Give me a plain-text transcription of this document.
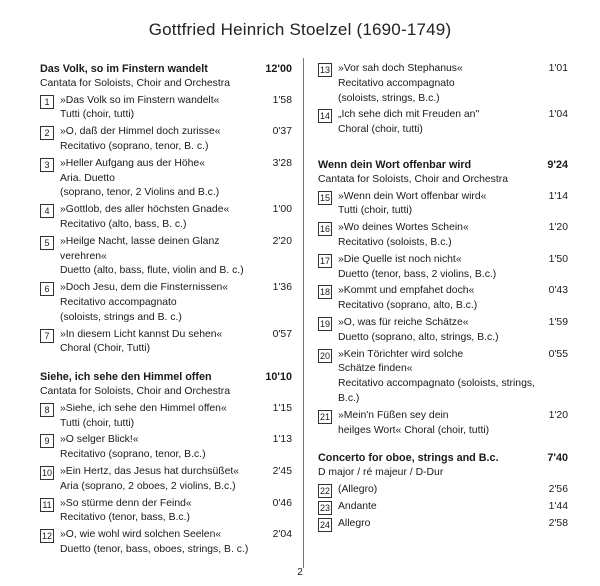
Gottfried Heinrich Stoelzel (1690-1749)
Das Volk, so im Finstern wandelt	12'00
Cantata for Soloists, Choir and Orchestra
1	»Das Volk so im Finstern wandelt«	1'58
Tutti (choir, tutti)
2	»O, daß der Himmel doch zurisse«	0'37
Recitativo (soprano, tenor, B. c.)
3	»Heller Aufgang aus der Höhe«	3'28
Aria. Duetto
(soprano, tenor, 2 Violins and B.c.)
4	»Gottlob, des aller höchsten Gnade«	1'00
Recitativo (alto, bass, B. c.)
5	»Heilge Nacht, lasse deinen Glanz	2'20
verehren«
Duetto (alto, bass, flute, violin and B. c.)
6	»Doch Jesu, dem die Finsternissen«	1'36
Recitativo accompagnato
(soloists, strings and B. c.)
7	»In diesem Licht kannst Du sehen«	0'57
Choral (Choir, Tutti)
Siehe, ich sehe den Himmel offen	10'10
Cantata for Soloists, Choir and Orchestra
8	»Siehe, ich sehe den Himmel offen«	1'15
Tutti (choir, tutti)
9	»O selger Blick!«	1'13
Recitativo (soprano, tenor, B.c.)
10 »Ein Hertz, das Jesus hat durchsüßet«	2'45
Aria (soprano, 2 oboes, 2 violins, B.c.)
11 »So stürme denn der Feind«	0'46
Recitativo (tenor, bass, B.c.)
12 »O, wie wohl wird solchen Seelen«	2'04
Duetto (tenor, bass, oboes, strings, B. c.)
13 »Vor sah doch Stephanus«	1'01
Recitativo accompagnato
(soloists, strings, B.c.)
14 „Ich sehe dich mit Freuden an"	1'04
Choral (choir, tutti)
Wenn dein Wort offenbar wird	9'24
Cantata for Soloists, Choir and Orchestra
15 »Wenn dein Wort offenbar wird«	1'14
Tutti (choir, tutti)
16 »Wo deines Wortes Schein«	1'20
Recitativo (soloists, B.c.)
17 »Die Quelle ist noch nicht«	1'50
Duetto (tenor, bass, 2 violins, B.c.)
18 »Kommt und empfahet doch«	0'43
Recitativo (soprano, alto, B.c.)
19 »O, was für reiche Schätze«	1'59
Duetto (soprano, alto, strings, B.c.)
20 »Kein Törichter wird solche	0'55
Schätze finden«
Recitativo accompagnato (soloists, strings,
B.c.)
21 »Mein'n Füßen sey dein	1'20
heilges Wort« Choral (choir, tutti)
Concerto for oboe, strings and B.c.	7'40
D major / ré majeur / D-Dur
22 (Allegro)	2'56
23 Andante	1'44
24 Allegro	2'58
2
